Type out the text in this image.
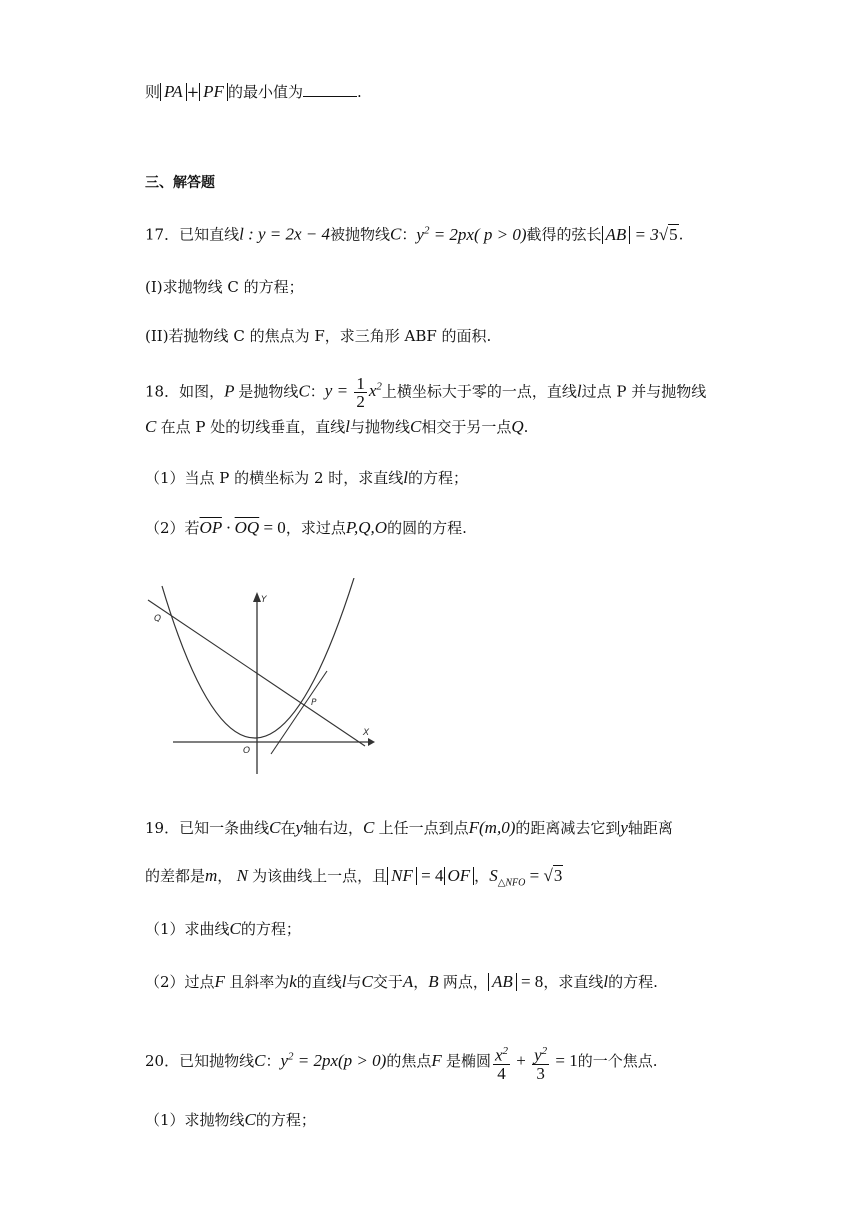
则 PA + PF 的最小值为	.
三、解答题
17．已知直线l : y = 2x − 4被抛物线C：$y^2 = 2px$( p > 0)截得的弦长 AB = 3√5.
(I)求抛物线 C 的方程；
(II)若抛物线 C 的焦点为 F，求三角形 ABF 的面积.
18．如图，P 是抛物线C：$y = \frac{1}{2} x^2$上横坐标大于零的一点，直线l过点 P 并与抛物线
C 在点 P 处的切线垂直，直线l与抛物线C相交于另一点Q.
（1）当点 P 的横坐标为 2 时，求直线l的方程；
（2）若$\overline{OP} \cdot \overline{OQ} = 0$，求过点P,Q,O的圆的方程.
Y
X
O
P
Q
19．已知一条曲线C在y轴右边，C 上任一点到点F(m,0)的距离减去它到y轴距离
的差都是m， N 为该曲线上一点，且 NF = 4 OF ，$S_{\triangle NFO} = √3$
（1）求曲线C的方程；
（2）过点F 且斜率为k的直线l与C交于A，B 两点， AB = 8，求直线l的方程.
20．已知抛物线C：$y^2 = 2px(p > 0)$的焦点F 是椭圆 $\frac{x^2}{4} + \frac{y^2}{3} = 1$的一个焦点.
（1）求抛物线C的方程；
